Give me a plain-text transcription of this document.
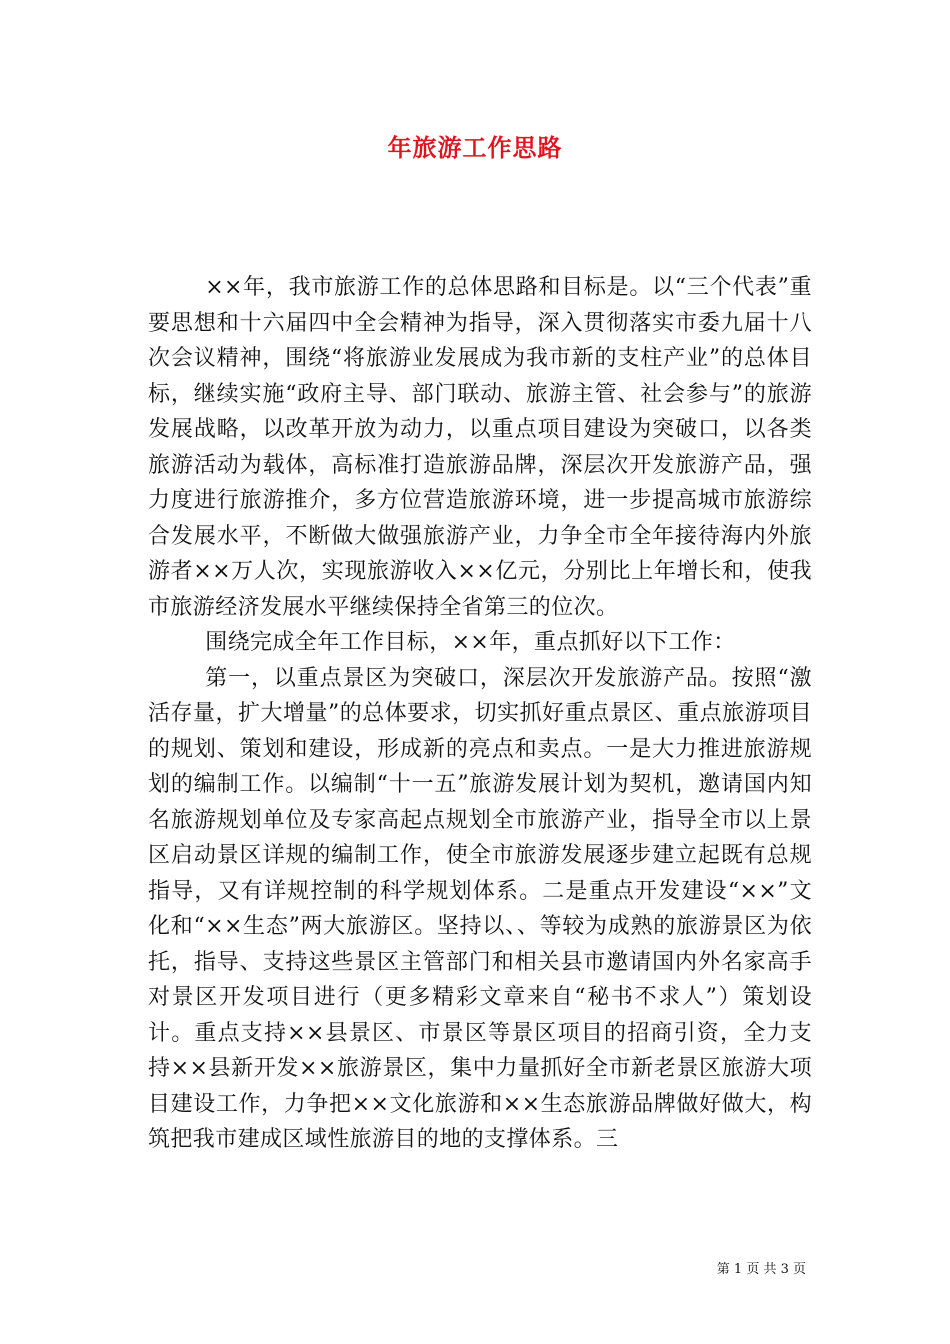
年旅游工作思路

××年，我市旅游工作的总体思路和目标是。以“三个代表”重要思想和十六届四中全会精神为指导，深入贯彻落实市委九届十八次会议精神，围绕“将旅游业发展成为我市新的支柱产业”的总体目标，继续实施“政府主导、部门联动、旅游主管、社会参与”的旅游发展战略，以改革开放为动力，以重点项目建设为突破口，以各类旅游活动为载体，高标准打造旅游品牌，深层次开发旅游产品，强力度进行旅游推介，多方位营造旅游环境，进一步提高城市旅游综合发展水平，不断做大做强旅游产业，力争全市全年接待海内外旅游者××万人次，实现旅游收入××亿元，分别比上年增长和，使我市旅游经济发展水平继续保持全省第三的位次。

围绕完成全年工作目标，××年，重点抓好以下工作：

第一，以重点景区为突破口，深层次开发旅游产品。按照“激活存量，扩大增量”的总体要求，切实抓好重点景区、重点旅游项目的规划、策划和建设，形成新的亮点和卖点。一是大力推进旅游规划的编制工作。以编制“十一五”旅游发展计划为契机，邀请国内知名旅游规划单位及专家高起点规划全市旅游产业，指导全市以上景区启动景区详规的编制工作，使全市旅游发展逐步建立起既有总规指导，又有详规控制的科学规划体系。二是重点开发建设“××”文化和“××生态”两大旅游区。坚持以、、等较为成熟的旅游景区为依托，指导、支持这些景区主管部门和相关县市邀请国内外名家高手对景区开发项目进行（更多精彩文章来自“秘书不求人”）策划设计。重点支持××县景区、市景区等景区项目的招商引资，全力支持××县新开发××旅游景区，集中力量抓好全市新老景区旅游大项目建设工作，力争把××文化旅游和××生态旅游品牌做好做大，构筑把我市建成区域性旅游目的地的支撑体系。三

第 1 页 共 3 页
